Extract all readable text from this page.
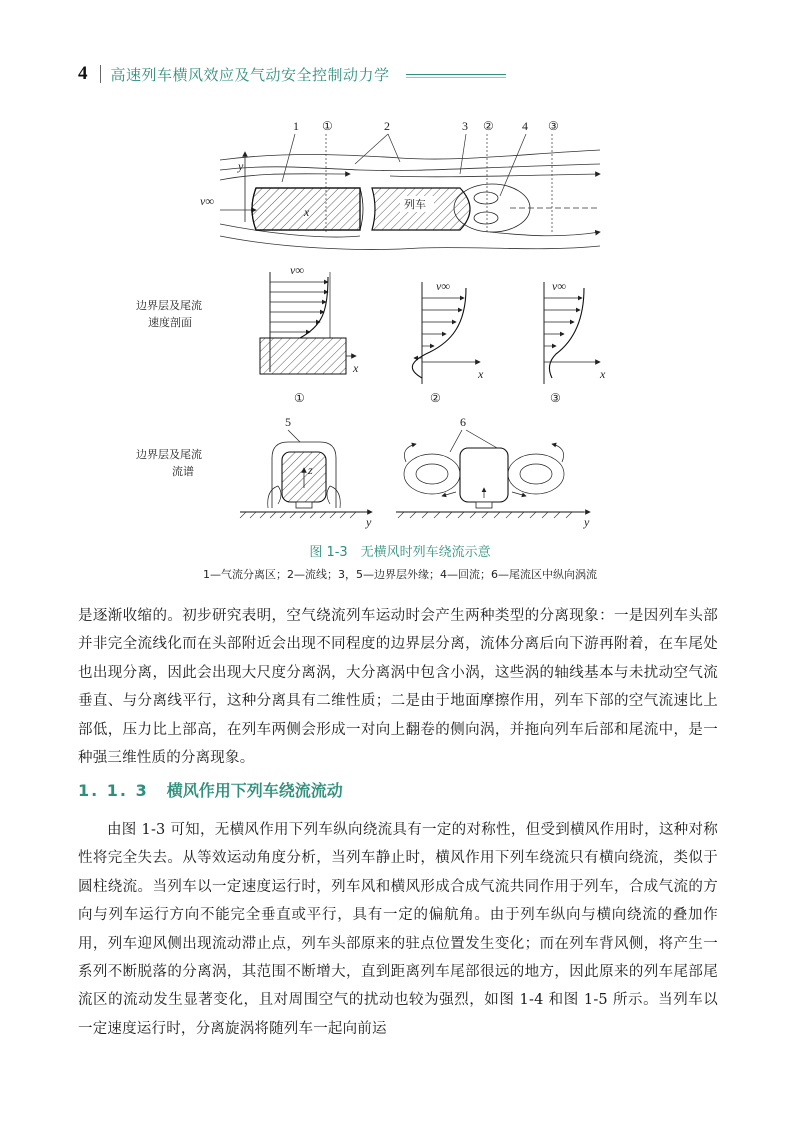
4 高速列车横风效应及气动安全控制动力学
1 ①	2	3 ② 4 ③
y
v∞	列车
x
边界层及尾流
速度剖面
v∞
x
①
v∞
x
②
v∞
x
③
边界层及尾流
流谱
5
z
y
6
y
图 1-3　无横风时列车绕流示意
1—气流分离区；2—流线；3，5—边界层外缘；4—回流；6—尾流区中纵向涡流
是逐渐收缩的。初步研究表明，空气绕流列车运动时会产生两种类型的分离现象：一是因列车头部并非完全流线化而在头部附近会出现不同程度的边界层分离，流体分离后向下游再附着，在车尾处也出现分离，因此会出现大尺度分离涡，大分离涡中包含小涡，这些涡的轴线基本与未扰动空气流垂直、与分离线平行，这种分离具有二维性质；二是由于地面摩擦作用，列车下部的空气流速比上部低，压力比上部高，在列车两侧会形成一对向上翻卷的侧向涡，并拖向列车后部和尾流中，是一种强三维性质的分离现象。
1. 1. 3 横风作用下列车绕流流动
由图 1-3 可知，无横风作用下列车纵向绕流具有一定的对称性，但受到横风作用时，这种对称性将完全失去。从等效运动角度分析，当列车静止时，横风作用下列车绕流只有横向绕流，类似于圆柱绕流。当列车以一定速度运行时，列车风和横风形成合成气流共同作用于列车，合成气流的方向与列车运行方向不能完全垂直或平行，具有一定的偏航角。由于列车纵向与横向绕流的叠加作用，列车迎风侧出现流动滞止点，列车头部原来的驻点位置发生变化；而在列车背风侧，将产生一系列不断脱落的分离涡，其范围不断增大，直到距离列车尾部很远的地方，因此原来的列车尾部尾流区的流动发生显著变化，且对周围空气的扰动也较为强烈，如图 1-4 和图 1-5 所示。当列车以一定速度运行时，分离旋涡将随列车一起向前运
